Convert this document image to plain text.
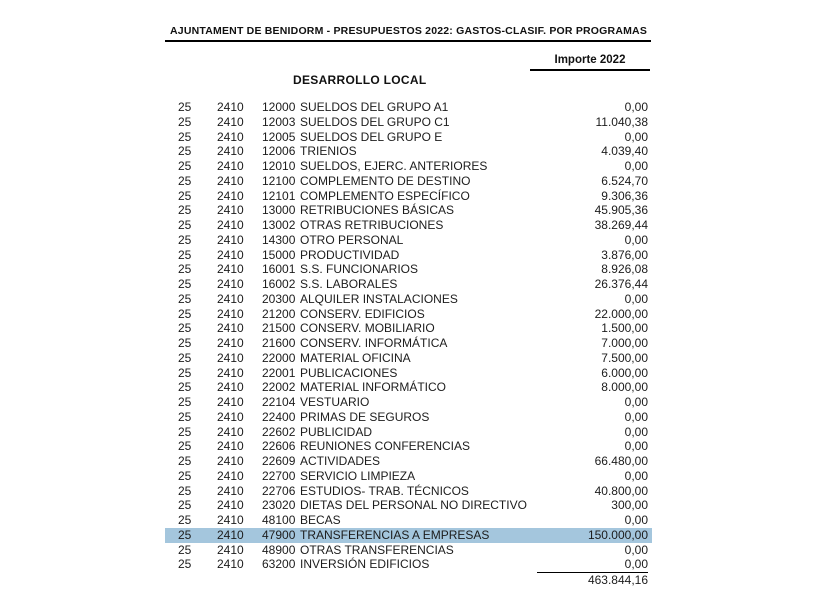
AJUNTAMENT DE BENIDORM - PRESUPUESTOS 2022: GASTOS-CLASIF. POR PROGRAMAS
Importe 2022
DESARROLLO LOCAL
25	2410	12000 SUELDOS DEL GRUPO A1	0,00
25	2410	12003 SUELDOS DEL GRUPO C1	11.040,38
25	2410	12005 SUELDOS DEL GRUPO E	0,00
25	2410	12006 TRIENIOS	4.039,40
25	2410	12010 SUELDOS, EJERC. ANTERIORES	0,00
25	2410	12100 COMPLEMENTO DE DESTINO	6.524,70
25	2410	12101 COMPLEMENTO ESPECÍFICO	9.306,36
25	2410	13000 RETRIBUCIONES BÁSICAS	45.905,36
25	2410	13002 OTRAS RETRIBUCIONES	38.269,44
25	2410	14300 OTRO PERSONAL	0,00
25	2410	15000 PRODUCTIVIDAD	3.876,00
25	2410	16001 S.S. FUNCIONARIOS	8.926,08
25	2410	16002 S.S. LABORALES	26.376,44
25	2410	20300 ALQUILER INSTALACIONES	0,00
25	2410	21200 CONSERV. EDIFICIOS	22.000,00
25	2410	21500 CONSERV. MOBILIARIO	1.500,00
25	2410	21600 CONSERV. INFORMÁTICA	7.000,00
25	2410	22000 MATERIAL OFICINA	7.500,00
25	2410	22001 PUBLICACIONES	6.000,00
25	2410	22002 MATERIAL INFORMÁTICO	8.000,00
25	2410	22104 VESTUARIO	0,00
25	2410	22400 PRIMAS DE SEGUROS	0,00
25	2410	22602 PUBLICIDAD	0,00
25	2410	22606 REUNIONES CONFERENCIAS	0,00
25	2410	22609 ACTIVIDADES	66.480,00
25	2410	22700 SERVICIO LIMPIEZA	0,00
25	2410	22706 ESTUDIOS- TRAB. TÉCNICOS	40.800,00
25	2410	23020 DIETAS DEL PERSONAL NO DIRECTIVO	300,00
25	2410	48100 BECAS	0,00
25	2410	47900 TRANSFERENCIAS A EMPRESAS	150.000,00
25	2410	48900 OTRAS TRANSFERENCIAS	0,00
25	2410	63200 INVERSIÓN EDIFICIOS	0,00
463.844,16
